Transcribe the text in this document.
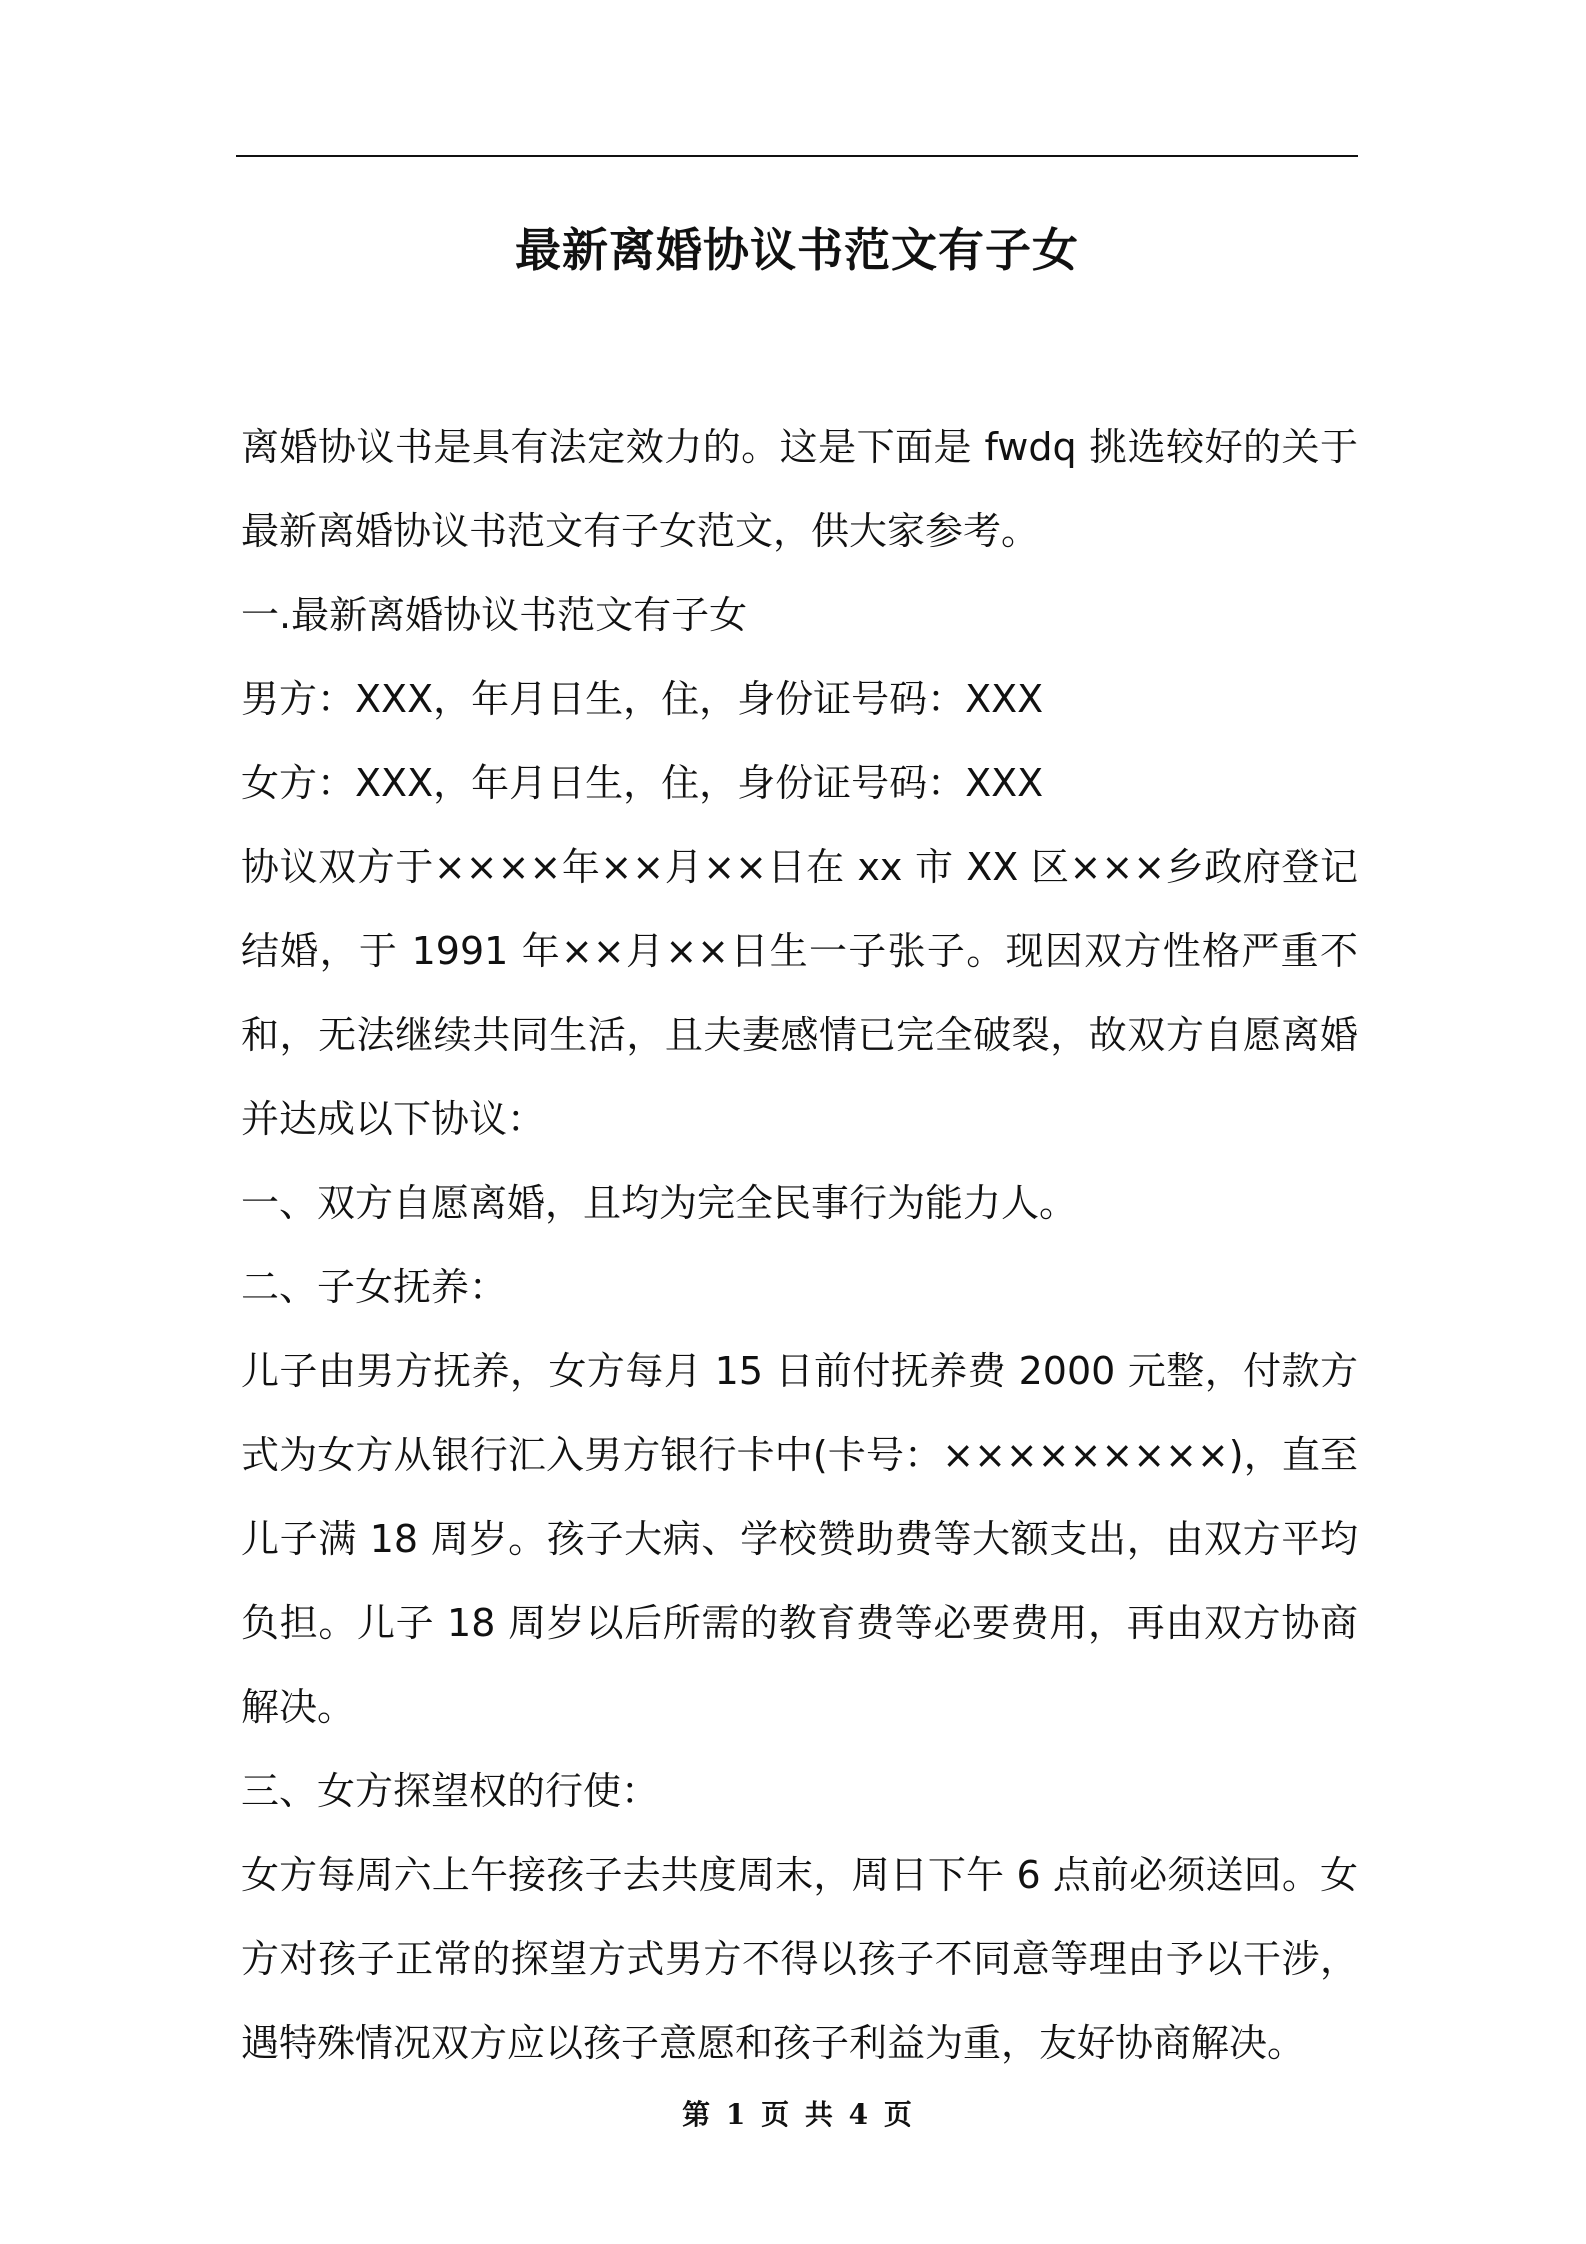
最新离婚协议书范文有子女

离婚协议书是具有法定效力的。这是下面是 fwdq 挑选较好的关于最新离婚协议书范文有子女范文，供大家参考。

一.最新离婚协议书范文有子女

男方：XXX，年月日生，住，身份证号码：XXX

女方：XXX，年月日生，住，身份证号码：XXX

协议双方于××××年××月××日在 xx 市 XX 区×××乡政府登记结婚，于 1991 年××月××日生一子张子。现因双方性格严重不和，无法继续共同生活，且夫妻感情已完全破裂，故双方自愿离婚并达成以下协议：

一、双方自愿离婚，且均为完全民事行为能力人。

二、子女抚养：

儿子由男方抚养，女方每月 15 日前付抚养费 2000 元整，付款方式为女方从银行汇入男方银行卡中(卡号：×××××××××)，直至儿子满 18 周岁。孩子大病、学校赞助费等大额支出，由双方平均负担。儿子 18 周岁以后所需的教育费等必要费用，再由双方协商解决。

三、女方探望权的行使：

女方每周六上午接孩子去共度周末，周日下午 6 点前必须送回。女方对孩子正常的探望方式男方不得以孩子不同意等理由予以干涉，遇特殊情况双方应以孩子意愿和孩子利益为重，友好协商解决。

第 1 页 共 4 页
